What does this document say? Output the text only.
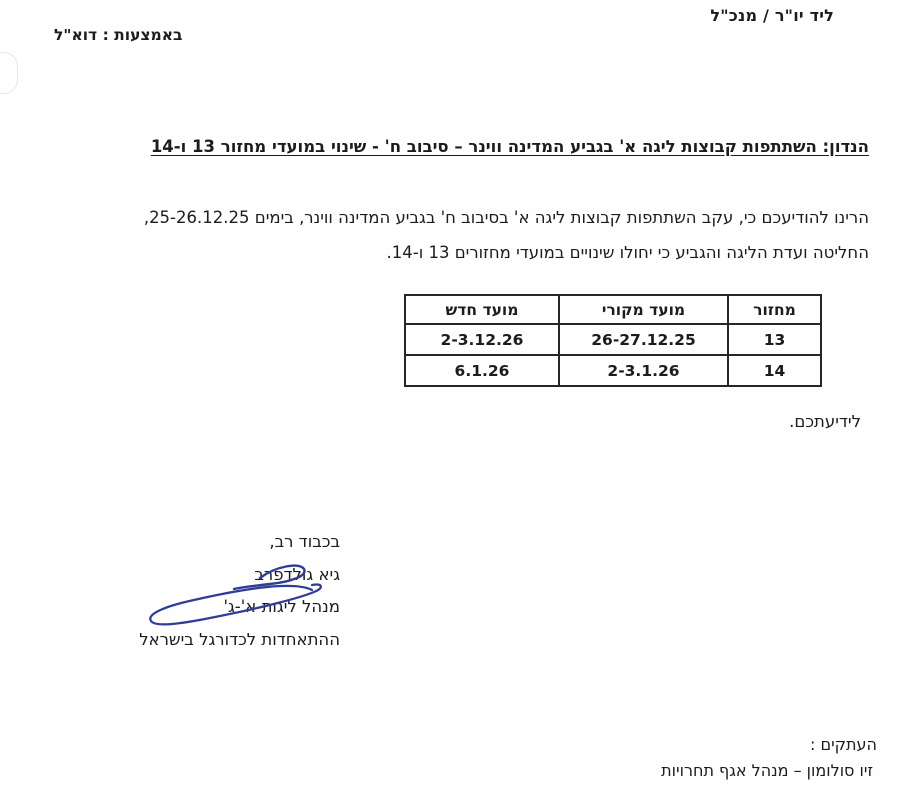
ליד יו"ר / מנכ"ל
באמצעות : דוא"ל
הנדון: השתתפות קבוצות ליגה א' בגביע המדינה ווינר – סיבוב ח' - שינוי במועדי מחזור 13 ו-14
הרינו להודיעכם כי, עקב השתתפות קבוצות ליגה א' בסיבוב ח' בגביע המדינה ווינר, בימים 25-26.12.25,
החליטה ועדת הליגה והגביע כי יחולו שינויים במועדי מחזורים 13 ו-14.
מחזור	מועד מקורי	מועד חדש
13	26-27.12.25	2-3.12.26
14	2-3.1.26	6.1.26
לידיעתכם.
בכבוד רב,
גיא גולדפרב
מנהל ליגות א'-ג'
ההתאחדות לכדורגל בישראל
העתקים :
זיו סולומון – מנהל אגף תחרויות
